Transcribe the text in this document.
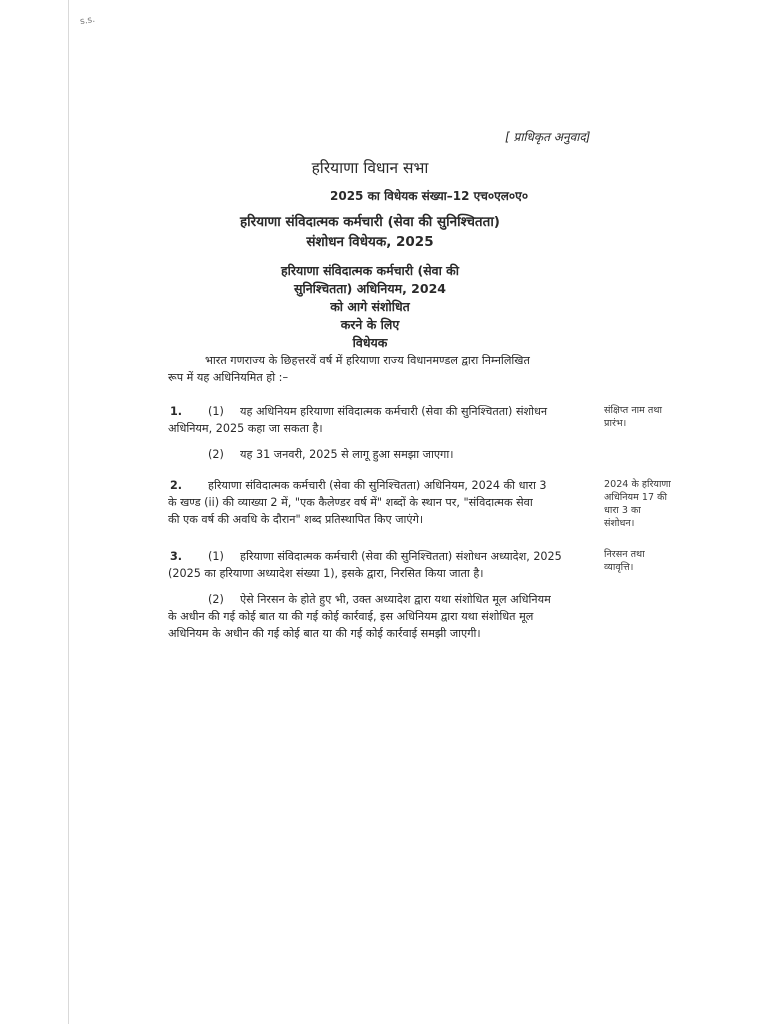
s.s.
[ प्राधिकृत अनुवाद]
हरियाणा विधान सभा
2025 का विधेयक संख्या–12 एच०एल०ए०
हरियाणा संविदात्मक कर्मचारी (सेवा की सुनिश्चितता)
संशोधन विधेयक, 2025
हरियाणा संविदात्मक कर्मचारी (सेवा की
सुनिश्चितता) अधिनियम, 2024
को आगे संशोधित
करने के लिए
विधेयक
भारत गणराज्य के छिहत्तरवें वर्ष में हरियाणा राज्य विधानमण्डल द्वारा निम्नलिखित
रूप में यह अधिनियमित हो :–
1. (1) यह अधिनियम हरियाणा संविदात्मक कर्मचारी (सेवा की सुनिश्चितता) संशोधन
अधिनियम, 2025 कहा जा सकता है।
(2) यह 31 जनवरी, 2025 से लागू हुआ समझा जाएगा।
संक्षिप्त नाम तथा
प्रारंभ।
2. हरियाणा संविदात्मक कर्मचारी (सेवा की सुनिश्चितता) अधिनियम, 2024 की धारा 3
के खण्ड (ii) की व्याख्या 2 में, "एक कैलेण्डर वर्ष में" शब्दों के स्थान पर, "संविदात्मक सेवा
की एक वर्ष की अवधि के दौरान" शब्द प्रतिस्थापित किए जाएंगे।
2024 के हरियाणा
अधिनियम 17 की
धारा 3 का
संशोधन।
3. (1) हरियाणा संविदात्मक कर्मचारी (सेवा की सुनिश्चितता) संशोधन अध्यादेश, 2025
(2025 का हरियाणा अध्यादेश संख्या 1), इसके द्वारा, निरसित किया जाता है।
(2) ऐसे निरसन के होते हुए भी, उक्त अध्यादेश द्वारा यथा संशोधित मूल अधिनियम
के अधीन की गई कोई बात या की गई कोई कार्रवाई, इस अधिनियम द्वारा यथा संशोधित मूल
अधिनियम के अधीन की गई कोई बात या की गई कोई कार्रवाई समझी जाएगी।
निरसन तथा
व्यावृत्ति।
